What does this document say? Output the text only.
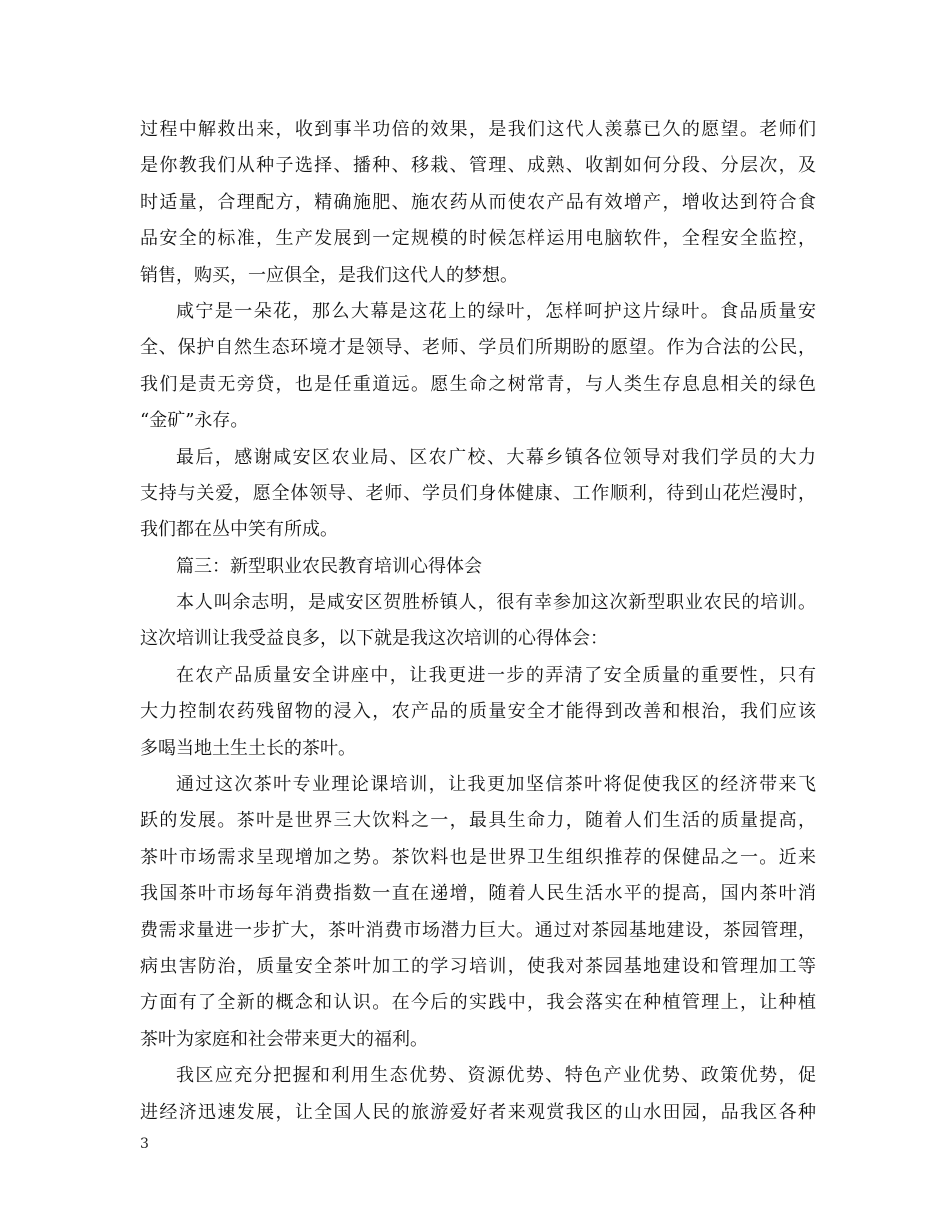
过程中解救出来，收到事半功倍的效果，是我们这代人羡慕已久的愿望。老师们
是你教我们从种子选择、播种、移栽、管理、成熟、收割如何分段、分层次，及
时适量，合理配方，精确施肥、施农药从而使农产品有效增产，增收达到符合食
品安全的标准，生产发展到一定规模的时候怎样运用电脑软件，全程安全监控，
销售，购买，一应俱全，是我们这代人的梦想。
咸宁是一朵花，那么大幕是这花上的绿叶，怎样呵护这片绿叶。食品质量安
全、保护自然生态环境才是领导、老师、学员们所期盼的愿望。作为合法的公民，
我们是责无旁贷，也是任重道远。愿生命之树常青，与人类生存息息相关的绿色
“金矿”永存。
最后，感谢咸安区农业局、区农广校、大幕乡镇各位领导对我们学员的大力
支持与关爱，愿全体领导、老师、学员们身体健康、工作顺利，待到山花烂漫时，
我们都在丛中笑有所成。
篇三：新型职业农民教育培训心得体会
本人叫余志明，是咸安区贺胜桥镇人，很有幸参加这次新型职业农民的培训。
这次培训让我受益良多，以下就是我这次培训的心得体会：
在农产品质量安全讲座中，让我更进一步的弄清了安全质量的重要性，只有
大力控制农药残留物的浸入，农产品的质量安全才能得到改善和根治，我们应该
多喝当地土生土长的茶叶。
通过这次茶叶专业理论课培训，让我更加坚信茶叶将促使我区的经济带来飞
跃的发展。茶叶是世界三大饮料之一，最具生命力，随着人们生活的质量提高，
茶叶市场需求呈现增加之势。茶饮料也是世界卫生组织推荐的保健品之一。近来
我国茶叶市场每年消费指数一直在递增，随着人民生活水平的提高，国内茶叶消
费需求量进一步扩大，茶叶消费市场潜力巨大。通过对茶园基地建设，茶园管理，
病虫害防治，质量安全茶叶加工的学习培训，使我对茶园基地建设和管理加工等
方面有了全新的概念和认识。在今后的实践中，我会落实在种植管理上，让种植
茶叶为家庭和社会带来更大的福利。
我区应充分把握和利用生态优势、资源优势、特色产业优势、政策优势，促
进经济迅速发展，让全国人民的旅游爱好者来观赏我区的山水田园，品我区各种
3
